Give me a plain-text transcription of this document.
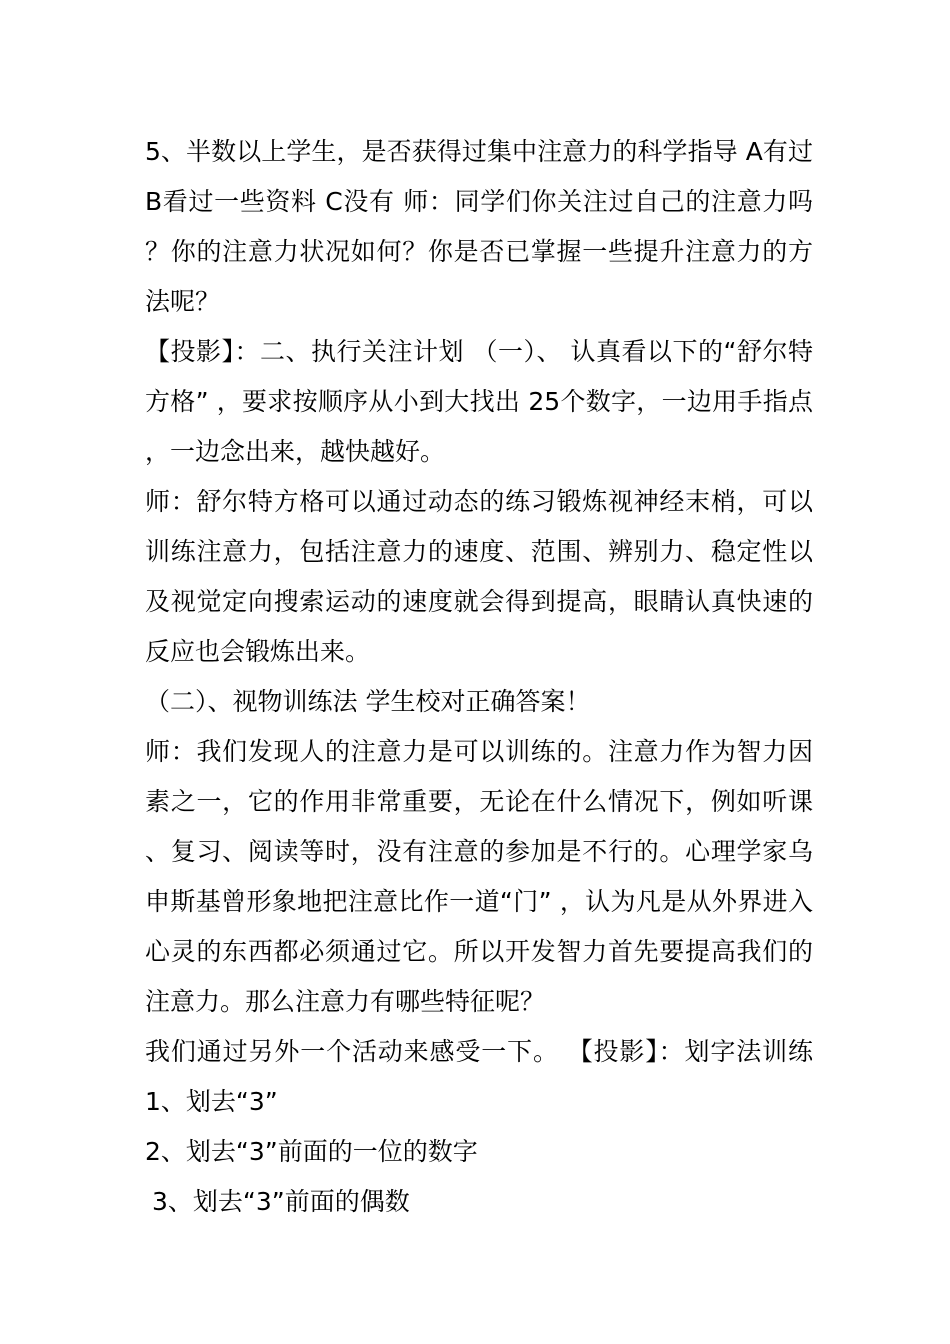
5、半数以上学生，是否获得过集中注意力的科学指导 A有过 B看过一些资料 C没有 师：同学们你关注过自己的注意力吗？你的注意力状况如何？你是否已掌握一些提升注意力的方法呢？

【投影】：二、执行关注计划 （一）、 认真看以下的“舒尔特方格” ，要求按顺序从小到大找出 25个数字，一边用手指点，一边念出来，越快越好。

师：舒尔特方格可以通过动态的练习锻炼视神经末梢，可以训练注意力，包括注意力的速度、范围、辨别力、稳定性以及视觉定向搜索运动的速度就会得到提高，眼睛认真快速的反应也会锻炼出来。

（二）、视物训练法 学生校对正确答案！

师：我们发现人的注意力是可以训练的。注意力作为智力因素之一，它的作用非常重要，无论在什么情况下，例如听课、复习、阅读等时，没有注意的参加是不行的。心理学家乌申斯基曾形象地把注意比作一道“门” ，认为凡是从外界进入心灵的东西都必须通过它。所以开发智力首先要提高我们的注意力。那么注意力有哪些特征呢？

我们通过另外一个活动来感受一下。 【投影】：划字法训练 1、划去“3”

2、划去“3”前面的一位的数字

3、划去“3”前面的偶数
